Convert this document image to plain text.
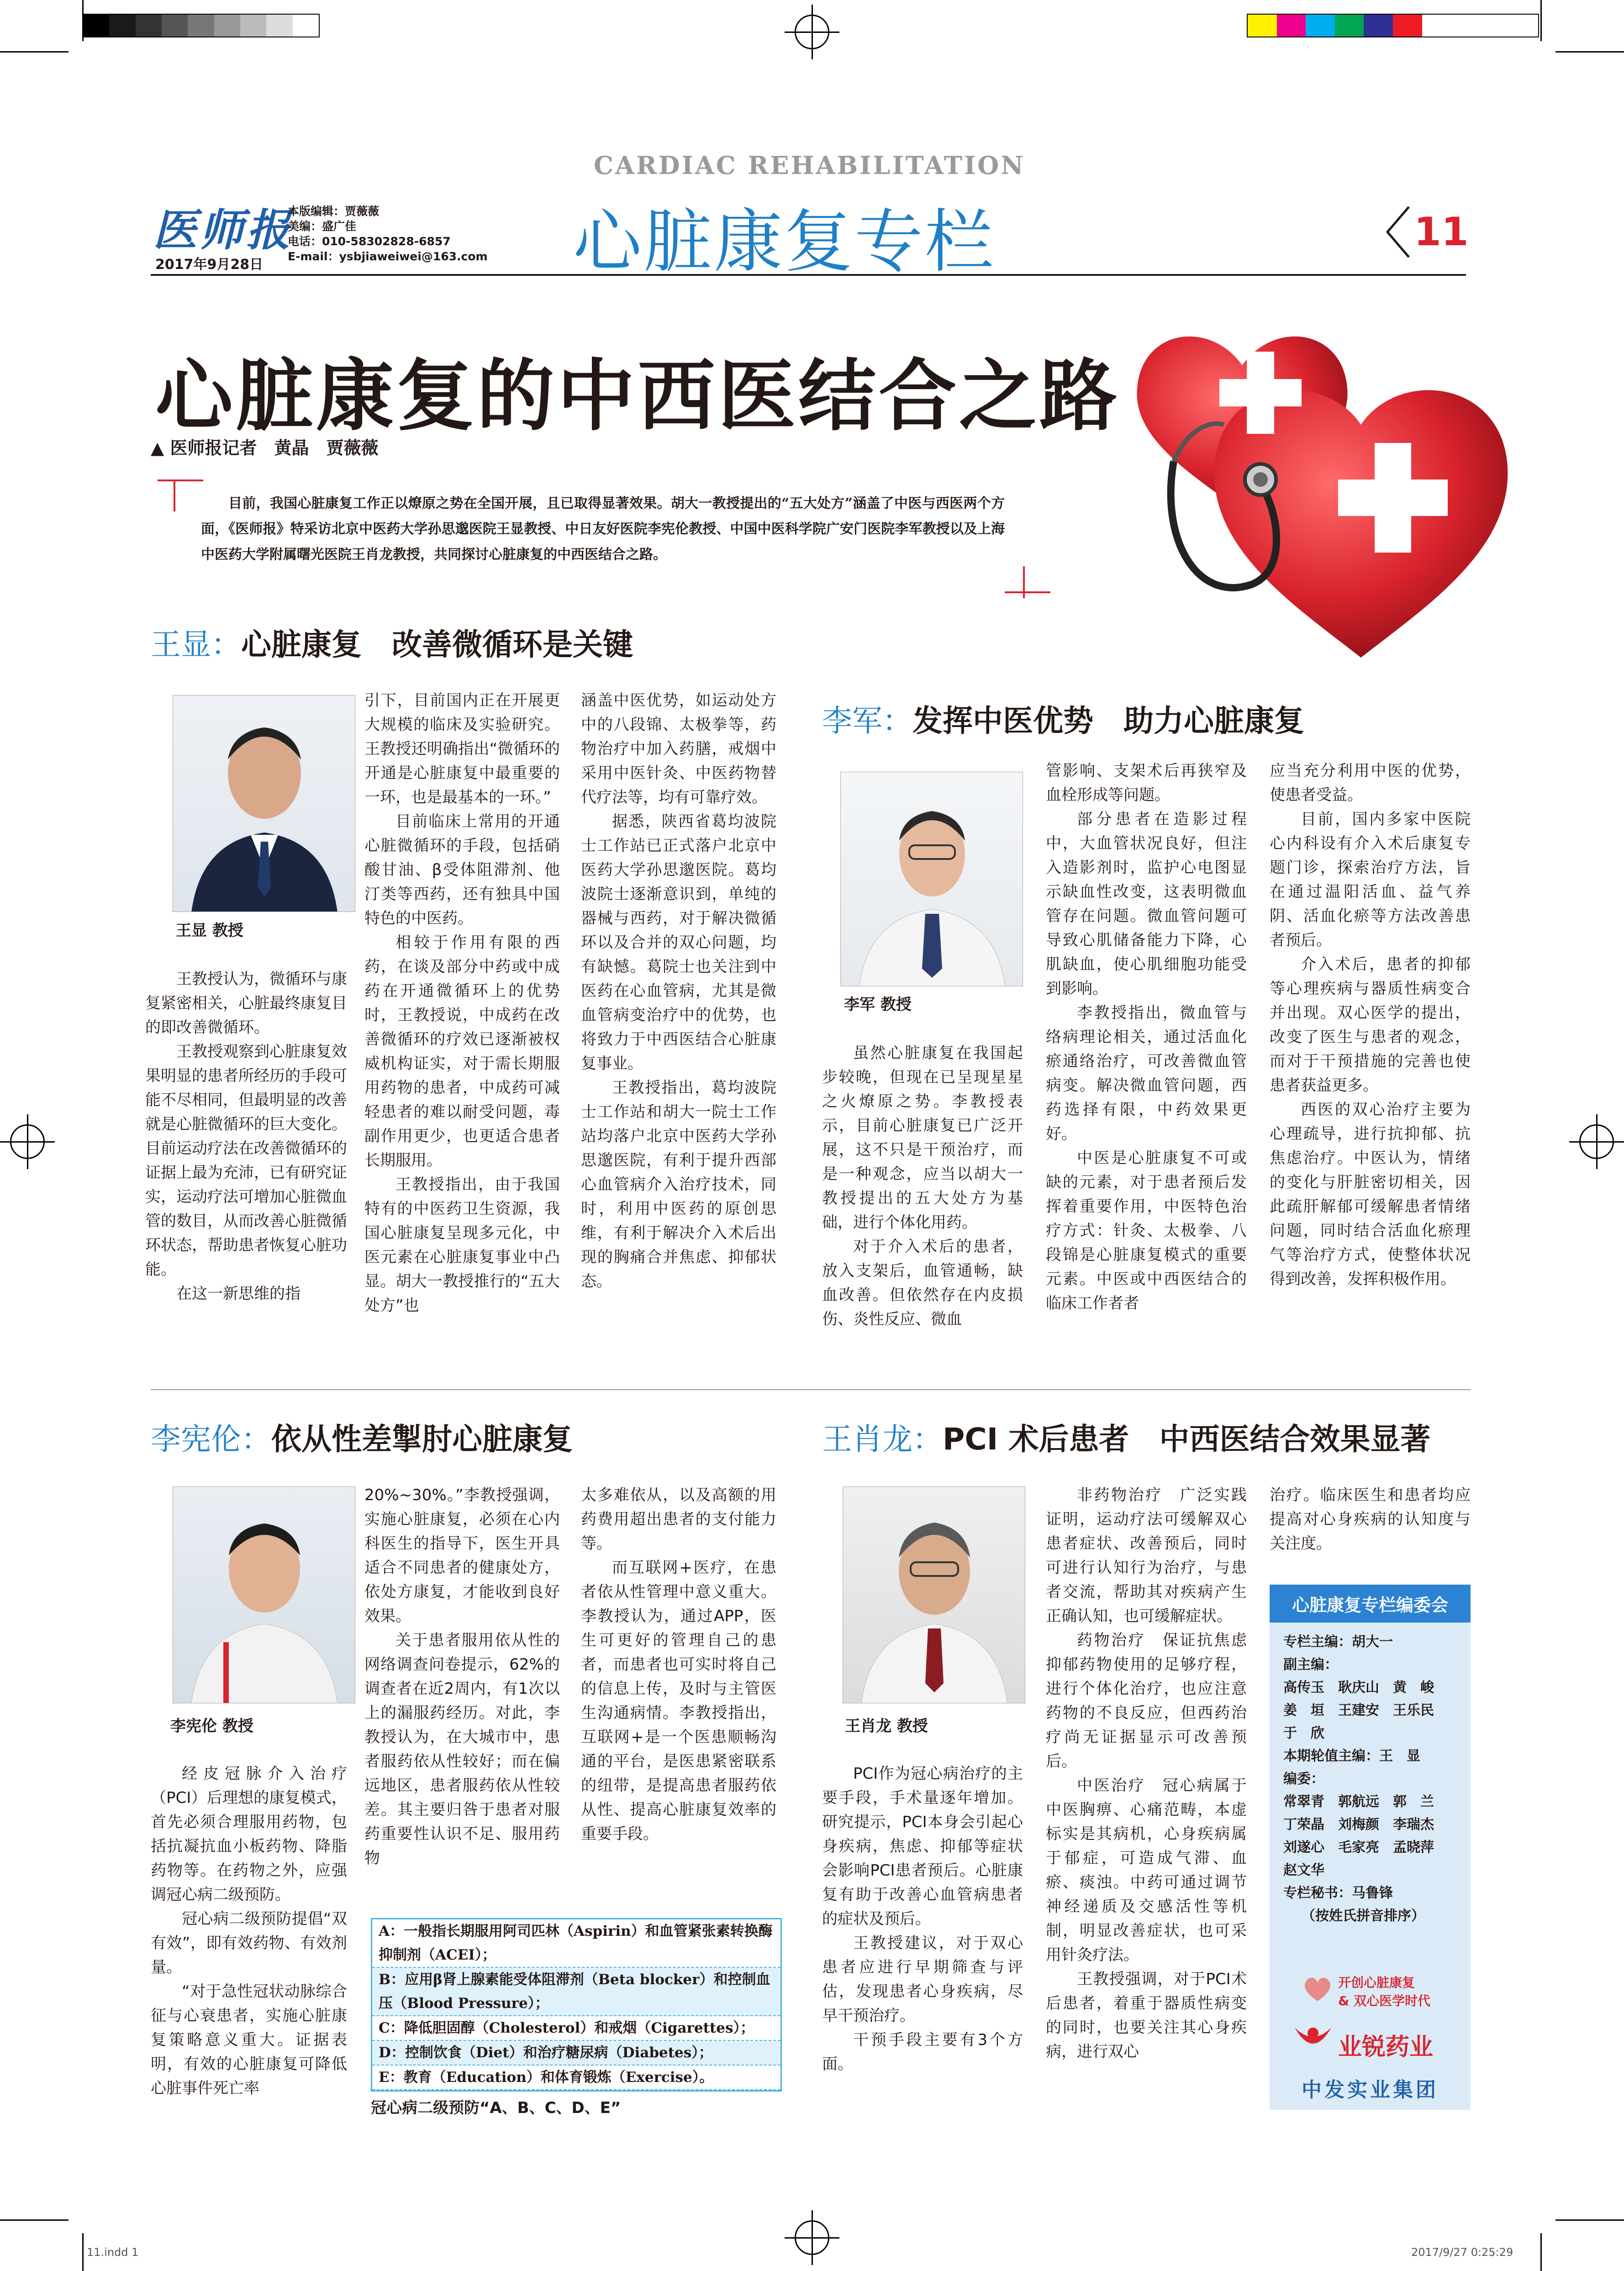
医师报
2017年9月28日
本版编辑：贾薇薇
美编：盛广佳
电话：010-58302828-6857
E-mail：ysbjiaweiwei@163.com
CARDIAC REHABILITATION
心脏康复专栏	11
心脏康复的中西医结合之路
▲ 医师报记者　黄晶　贾薇薇
目前，我国心脏康复工作正以燎原之势在全国开展，且已取得显著效果。胡大一教授提出的“五大处方”涵盖了中医与西医两个方面，《医师报》特采访北京中医药大学孙思邈医院王显教授、中日友好医院李宪伦教授、中国中医科学院广安门医院李军教授以及上海中医药大学附属曙光医院王肖龙教授，共同探讨心脏康复的中西医结合之路。
王显：心脏康复　改善微循环是关键
王显 教授

王教授认为，微循环与康复紧密相关，心脏最终康复目的即改善微循环。

王教授观察到心脏康复效果明显的患者所经历的手段可能不尽相同，但最明显的改善就是心脏微循环的巨大变化。目前运动疗法在改善微循环的证据上最为充沛，已有研究证实，运动疗法可增加心脏微血管的数目，从而改善心脏微循环状态，帮助患者恢复心脏功能。

在这一新思维的指

引下，目前国内正在开展更大规模的临床及实验研究。王教授还明确指出“微循环的开通是心脏康复中最重要的一环，也是最基本的一环。”

目前临床上常用的开通心脏微循环的手段，包括硝酸甘油、β受体阻滞剂、他汀类等西药，还有独具中国特色的中医药。

相较于作用有限的西药，在谈及部分中药或中成药在开通微循环上的优势时，王教授说，中成药在改善微循环的疗效已逐渐被权威机构证实，对于需长期服用药物的患者，中成药可减轻患者的难以耐受问题，毒副作用更少，也更适合患者长期服用。

王教授指出，由于我国特有的中医药卫生资源，我国心脏康复呈现多元化，中医元素在心脏康复事业中凸显。胡大一教授推行的“五大处方”也

涵盖中医优势，如运动处方中的八段锦、太极拳等，药物治疗中加入药膳，戒烟中采用中医针灸、中医药物替代疗法等，均有可靠疗效。

据悉，陕西省葛均波院士工作站已正式落户北京中医药大学孙思邈医院。葛均波院士逐渐意识到，单纯的器械与西药，对于解决微循环以及合并的双心问题，均有缺憾。葛院士也关注到中医药在心血管病，尤其是微血管病变治疗中的优势，也将致力于中西医结合心脏康复事业。

王教授指出，葛均波院士工作站和胡大一院士工作站均落户北京中医药大学孙思邈医院，有利于提升西部心血管病介入治疗技术，同时，利用中医药的原创思维，有利于解决介入术后出现的胸痛合并焦虑、抑郁状态。

李军：发挥中医优势　助力心脏康复
李军 教授

虽然心脏康复在我国起步较晚，但现在已呈现星星之火燎原之势。李教授表示，目前心脏康复已广泛开展，这不只是干预治疗，而是一种观念，应当以胡大一教授提出的五大处方为基础，进行个体化用药。

对于介入术后的患者，放入支架后，血管通畅，缺血改善。但依然存在内皮损伤、炎性反应、微血

管影响、支架术后再狭窄及血栓形成等问题。

部分患者在造影过程中，大血管状况良好，但注入造影剂时，监护心电图显示缺血性改变，这表明微血管存在问题。微血管问题可导致心肌储备能力下降，心肌缺血，使心肌细胞功能受到影响。

李教授指出，微血管与络病理论相关，通过活血化瘀通络治疗，可改善微血管病变。解决微血管问题，西药选择有限，中药效果更好。

中医是心脏康复不可或缺的元素，对于患者预后发挥着重要作用，中医特色治疗方式：针灸、太极拳、八段锦是心脏康复模式的重要元素。中医或中西医结合的临床工作者者

应当充分利用中医的优势，使患者受益。

目前，国内多家中医院心内科设有介入术后康复专题门诊，探索治疗方法，旨在通过温阳活血、益气养阴、活血化瘀等方法改善患者预后。

介入术后，患者的抑郁等心理疾病与器质性病变合并出现。双心医学的提出，改变了医生与患者的观念，而对于干预措施的完善也使患者获益更多。

西医的双心治疗主要为心理疏导，进行抗抑郁、抗焦虑治疗。中医认为，情绪的变化与肝脏密切相关，因此疏肝解郁可缓解患者情绪问题，同时结合活血化瘀理气等治疗方式，使整体状况得到改善，发挥积极作用。

李宪伦：依从性差掣肘心脏康复
李宪伦 教授

经皮冠脉介入治疗（PCI）后理想的康复模式，首先必须合理服用药物，包括抗凝抗血小板药物、降脂药物等。在药物之外，应强调冠心病二级预防。

冠心病二级预防提倡“双有效”，即有效药物、有效剂量。

“对于急性冠状动脉综合征与心衰患者，实施心脏康复策略意义重大。证据表明，有效的心脏康复可降低心脏事件死亡率

20%~30%。”李教授强调，实施心脏康复，必须在心内科医生的指导下，医生开具适合不同患者的健康处方，依处方康复，才能收到良好效果。

关于患者服用依从性的网络调查问卷提示，62%的调查者在近2周内，有1次以上的漏服药经历。对此，李教授认为，在大城市中，患者服药依从性较好；而在偏远地区，患者服药依从性较差。其主要归咎于患者对服药重要性认识不足、服用药物

太多难依从，以及高额的用药费用超出患者的支付能力等。

而互联网+医疗，在患者依从性管理中意义重大。李教授认为，通过APP，医生可更好的管理自己的患者，而患者也可实时将自己的信息上传，及时与主管医生沟通病情。李教授指出，互联网+是一个医患顺畅沟通的平台，是医患紧密联系的纽带，是提高患者服药依从性、提高心脏康复效率的重要手段。

A：一般指长期服用阿司匹林（Aspirin）和血管紧张素转换酶抑制剂（ACEI）；
B：应用β肾上腺素能受体阻滞剂（Beta blocker）和控制血压（Blood Pressure）；
C：降低胆固醇（Cholesterol）和戒烟（Cigarettes）；
D：控制饮食（Diet）和治疗糖尿病（Diabetes）；
E：教育（Education）和体育锻炼（Exercise）。
冠心病二级预防“A、B、C、D、E”
王肖龙：PCI 术后患者　中西医结合效果显著
王肖龙 教授

PCI作为冠心病治疗的主要手段，手术量逐年增加。研究提示，PCI本身会引起心身疾病，焦虑、抑郁等症状会影响PCI患者预后。心脏康复有助于改善心血管病患者的症状及预后。

王教授建议，对于双心患者应进行早期筛查与评估，发现患者心身疾病，尽早干预治疗。

干预手段主要有3个方面。

非药物治疗　广泛实践证明，运动疗法可缓解双心患者症状、改善预后，同时可进行认知行为治疗，与患者交流，帮助其对疾病产生正确认知，也可缓解症状。

药物治疗　保证抗焦虑抑郁药物使用的足够疗程，进行个体化治疗，也应注意药物的不良反应，但西药治疗尚无证据显示可改善预后。

中医治疗　冠心病属于中医胸痹、心痛范畴，本虚标实是其病机，心身疾病属于郁症，可造成气滞、血瘀、痰浊。中药可通过调节神经递质及交感活性等机制，明显改善症状，也可采用针灸疗法。

王教授强调，对于PCI术后患者，着重于器质性病变的同时，也要关注其心身疾病，进行双心

治疗。临床医生和患者均应提高对心身疾病的认知度与关注度。

心脏康复专栏编委会
专栏主编：胡大一
副主编：
高传玉　耿庆山　黄　峻
姜　垣　王建安　王乐民
于　欣
本期轮值主编：王　显
编委：
常翠青　郭航远　郭　兰
丁荣晶　刘梅颜　李瑞杰
刘遂心　毛家亮　孟晓萍
赵文华
专栏秘书：马鲁锋
（按姓氏拼音排序）
开创心脏康复
& 双心医学时代
业锐药业
中发实业集团
11.indd 1	2017/9/27 0:25:29
